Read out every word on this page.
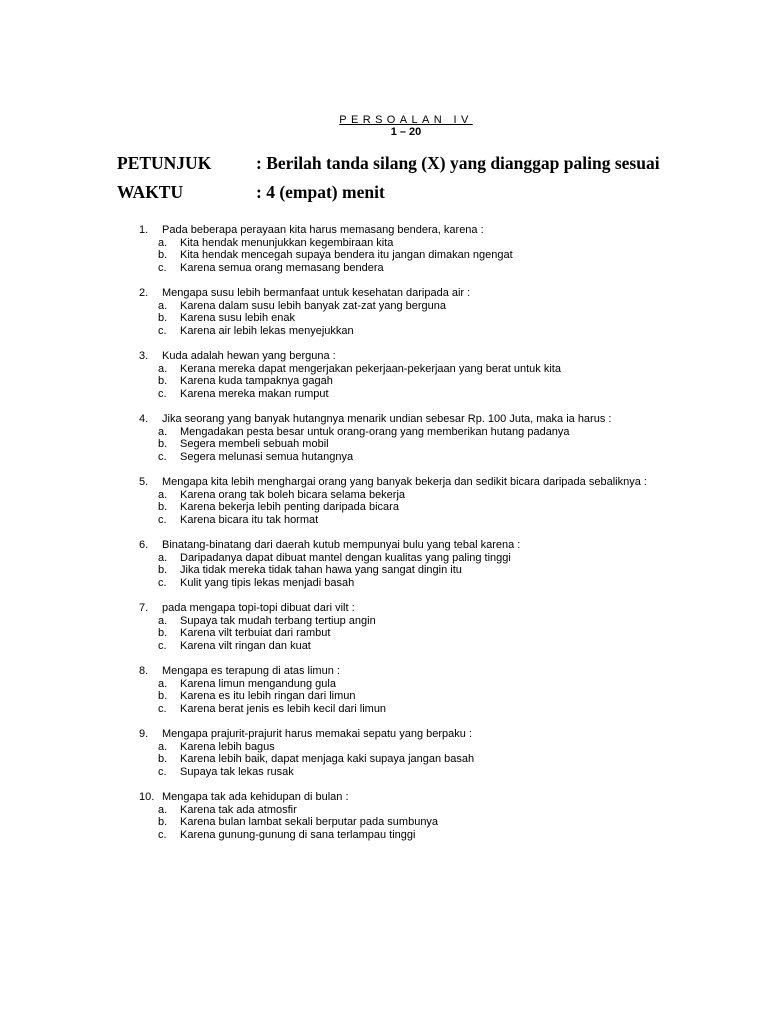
PERSOALAN IV
1 – 20
PETUNJUK	: Berilah tanda silang (X) yang dianggap paling sesuai
WAKTU	: 4 (empat) menit
1.	Pada beberapa perayaan kita harus memasang bendera, karena :
a.	Kita hendak menunjukkan kegembiraan kita
b.	Kita hendak mencegah supaya bendera itu jangan dimakan ngengat
c.	Karena semua orang memasang bendera
2.	Mengapa susu lebih bermanfaat untuk kesehatan daripada air :
a.	Karena dalam susu lebih banyak zat-zat yang berguna
b.	Karena susu lebih enak
c.	Karena air lebih lekas menyejukkan
3.	Kuda adalah hewan yang berguna :
a.	Kerana mereka dapat mengerjakan pekerjaan-pekerjaan yang berat untuk kita
b.	Karena kuda tampaknya gagah
c.	Karena mereka makan rumput
4.	Jika seorang yang banyak hutangnya menarik undian sebesar Rp. 100 Juta, maka ia harus :
a.	Mengadakan pesta besar untuk orang-orang yang memberikan hutang padanya
b.	Segera membeli sebuah mobil
c.	Segera melunasi semua hutangnya
5.	Mengapa kita lebih menghargai orang yang banyak bekerja dan sedikit bicara daripada sebaliknya :
a.	Karena orang tak boleh bicara selama bekerja
b.	Karena bekerja lebih penting daripada bicara
c.	Karena bicara itu tak hormat
6.	Binatang-binatang dari daerah kutub mempunyai bulu yang tebal karena :
a.	Daripadanya dapat dibuat mantel dengan kualitas yang paling tinggi
b.	Jika tidak mereka tidak tahan hawa yang sangat dingin itu
c.	Kulit yang tipis lekas menjadi basah
7.	pada mengapa topi-topi dibuat dari vilt :
a.	Supaya tak mudah terbang tertiup angin
b.	Karena vilt terbuiat dari rambut
c.	Karena vilt ringan dan kuat
8.	Mengapa es terapung di atas limun :
a.	Karena limun mengandung gula
b.	Karena es itu lebih ringan dari limun
c.	Karena berat jenis es lebih kecil dari limun
9.	Mengapa prajurit-prajurit harus memakai sepatu yang berpaku :
a.	Karena lebih bagus
b.	Karena lebih baik, dapat menjaga kaki supaya jangan basah
c.	Supaya tak lekas rusak
10. Mengapa tak ada kehidupan di bulan :
a.	Karena tak ada atmosfir
b.	Karena bulan lambat sekali berputar pada sumbunya
c.	Karena gunung-gunung di sana terlampau tinggi
